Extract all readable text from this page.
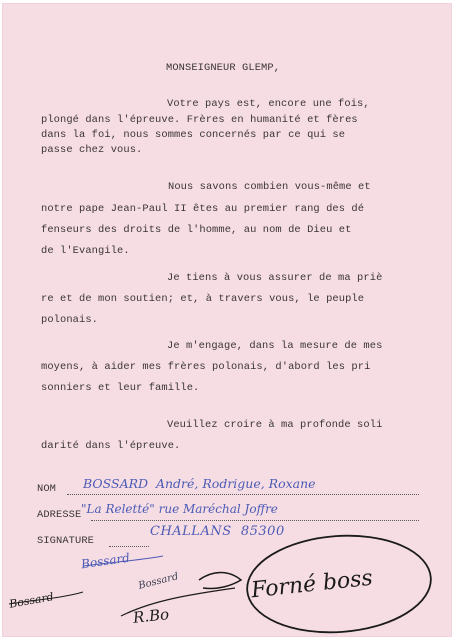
MONSEIGNEUR GLEMP,
Votre pays est, encore une fois,
plongé dans l'épreuve. Frères en humanité et fères
dans la foi, nous sommes concernés par ce qui se
passe chez vous.
Nous savons combien vous-même et
notre pape Jean-Paul II êtes au premier rang des dé
fenseurs des droits de l'homme, au nom de Dieu et
de l'Evangile.
Je tiens à vous assurer de ma priè
re et de mon soutien; et, à travers vous, le peuple
polonais.
Je m'engage, dans la mesure de mes
moyens, à aider mes frères polonais, d'abord les pri
sonniers et leur famille.
Veuillez croire à ma profonde soli
darité dans l'épreuve.
NOM
ADRESSE
SIGNATURE
BOSSARD  André, Rodrigue, Roxane
"La Reletté" rue Maréchal Joffre
CHALLANS  85300
Bossard
Bossard
Bossard
R.Bo
Forné boss
